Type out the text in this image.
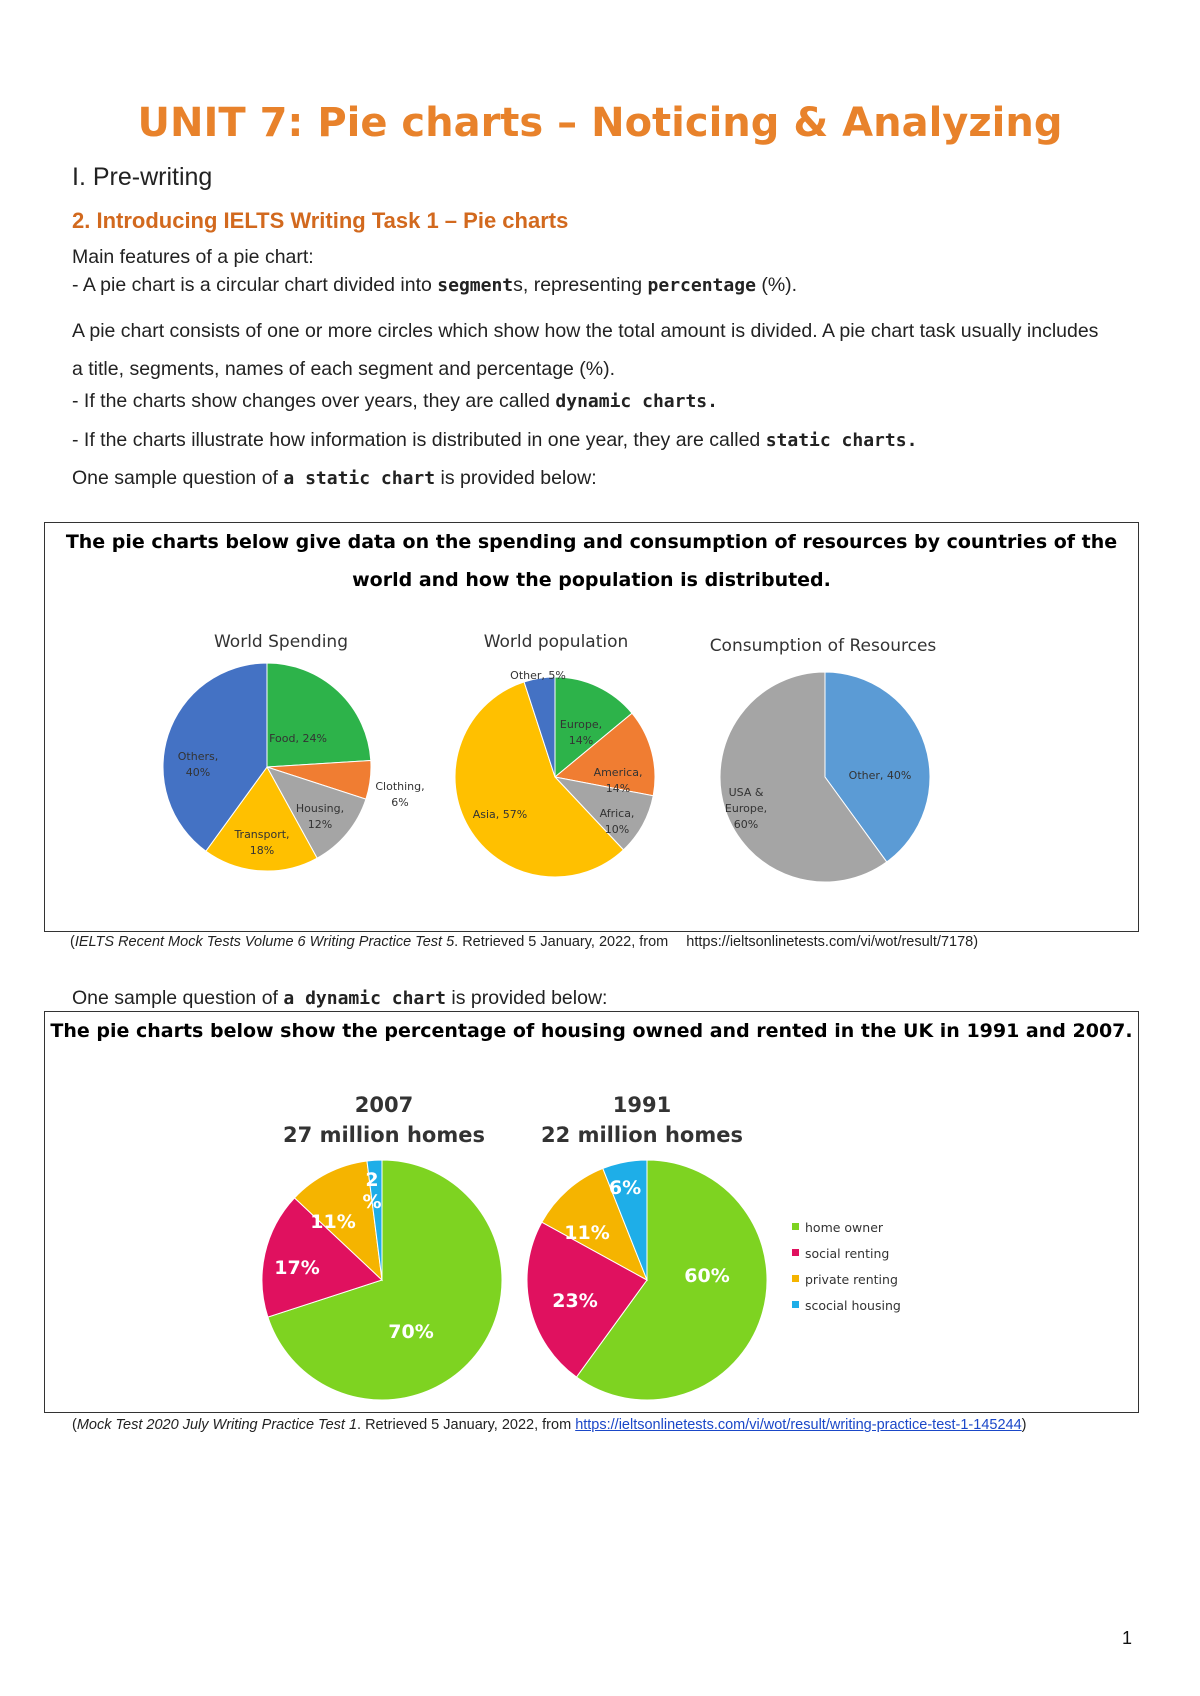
UNIT 7: Pie charts – Noticing & Analyzing
I. Pre-writing
2. Introducing IELTS Writing Task 1 – Pie charts
Main features of a pie chart:
- A pie chart is a circular chart divided into segments, representing percentage (%).
A pie chart consists of one or more circles which show how the total amount is divided. A pie chart task usually includes a title, segments, names of each segment and percentage (%).
- If the charts show changes over years, they are called dynamic charts.
- If the charts illustrate how information is distributed in one year, they are called static charts.
One sample question of a static chart is provided below:
The pie charts below give data on the spending and consumption of resources by countries of the world and how the population is distributed.
World Spending	World population	Consumption of Resources
Food, 24%
Clothing, 6%
Housing, 12%
Transport, 18%
Others, 40%
Other, 5%
Europe, 14%
America, 14%
Africa, 10%
Asia, 57%
Other, 40%
USA & Europe, 60%
(IELTS Recent Mock Tests Volume 6 Writing Practice Test 5. Retrieved 5 January, 2022, from https://ieltsonlinetests.com/vi/wot/result/7178)
One sample question of a dynamic chart is provided below:
The pie charts below show the percentage of housing owned and rented in the UK in 1991 and 2007.
2007
27 million homes
1991
22 million homes
70%
17%
11%
2 %
60%
23%
11%
6%
home owner
social renting
private renting
scocial housing
(Mock Test 2020 July Writing Practice Test 1. Retrieved 5 January, 2022, from https://ieltsonlinetests.com/vi/wot/result/writing-practice-test-1-145244)
1
